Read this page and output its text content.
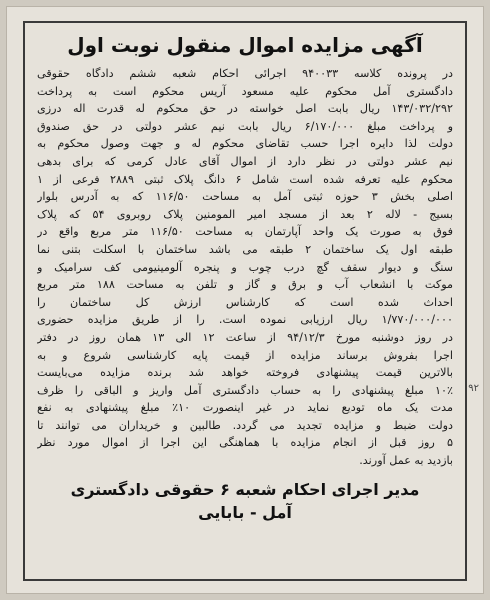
آگهی مزایده اموال منقول نوبت اول
در پرونده کلاسه ۹۴۰۰۳۳ اجرائی احکام شعبه ششم دادگاه حقوقی
دادگستری آمل محکوم علیه مسعود آریس محکوم است به پرداخت
۱۴۳/۰۳۲/۲۹۲ ریال بابت اصل خواسته در حق محکوم له قدرت اله درزی
و پرداخت مبلغ ۶/۱۷۰/۰۰۰ ریال بابت نیم عشر دولتی در حق صندوق
دولت لذا دایره اجرا حسب تقاضای محکوم له و جهت وصول محکوم به
نیم عشر دولتی در نظر دارد از اموال آقای عادل کرمی که برای بدهی
محکوم علیه تعرفه شده است شامل ۶ دانگ پلاک ثبتی ۲۸۸۹ فرعی از ۱
اصلی بخش ۳ حوزه ثبتی آمل به مساحت ۱۱۶/۵۰ که به آدرس بلوار
بسیج - لاله ۲ بعد از مسجد امیر المومنین پلاک روبروی ۵۴ که پلاک
فوق به صورت یک واحد آپارتمان به مساحت ۱۱۶/۵۰ متر مربع واقع در
طبقه اول یک ساختمان ۲ طبقه می باشد ساختمان با اسکلت بتنی نما
سنگ و دیوار سقف گچ درب چوب و پنجره آلومینیومی کف سرامیک و
موکت با انشعاب آب و برق و گاز و تلفن به مساحت ۱۸۸ متر مربع
احداث شده است که کارشناس ارزش کل ساختمان را
۱/۷۷۰/۰۰۰/۰۰۰ ریال ارزیابی نموده است. را از طریق مزایده حضوری
در روز دوشنبه مورخ ۹۴/۱۲/۳ از ساعت ۱۲ الی ۱۳ همان روز در دفتر
اجرا بفروش برساند مزایده از قیمت پایه کارشناسی شروع و به
بالاترین قیمت پیشنهادی فروخته خواهد شد برنده مزایده می‌بایست
۱۰٪ مبلغ پیشنهادی را به حساب دادگستری آمل واریز و الباقی را ظرف
مدت یک ماه تودیع نماید در غیر اینصورت ۱۰٪ مبلغ پیشنهادی به نفع
دولت ضبط و مزایده تجدید می گردد. طالبین و خریداران می توانند تا
۵ روز قبل از انجام مزایده با هماهنگی این اجرا از اموال مورد نظر
بازدید به عمل آورند.
مدیر اجرای احکام شعبه ۶ حقوقی دادگستری
آمل - بابایی
۹۲
